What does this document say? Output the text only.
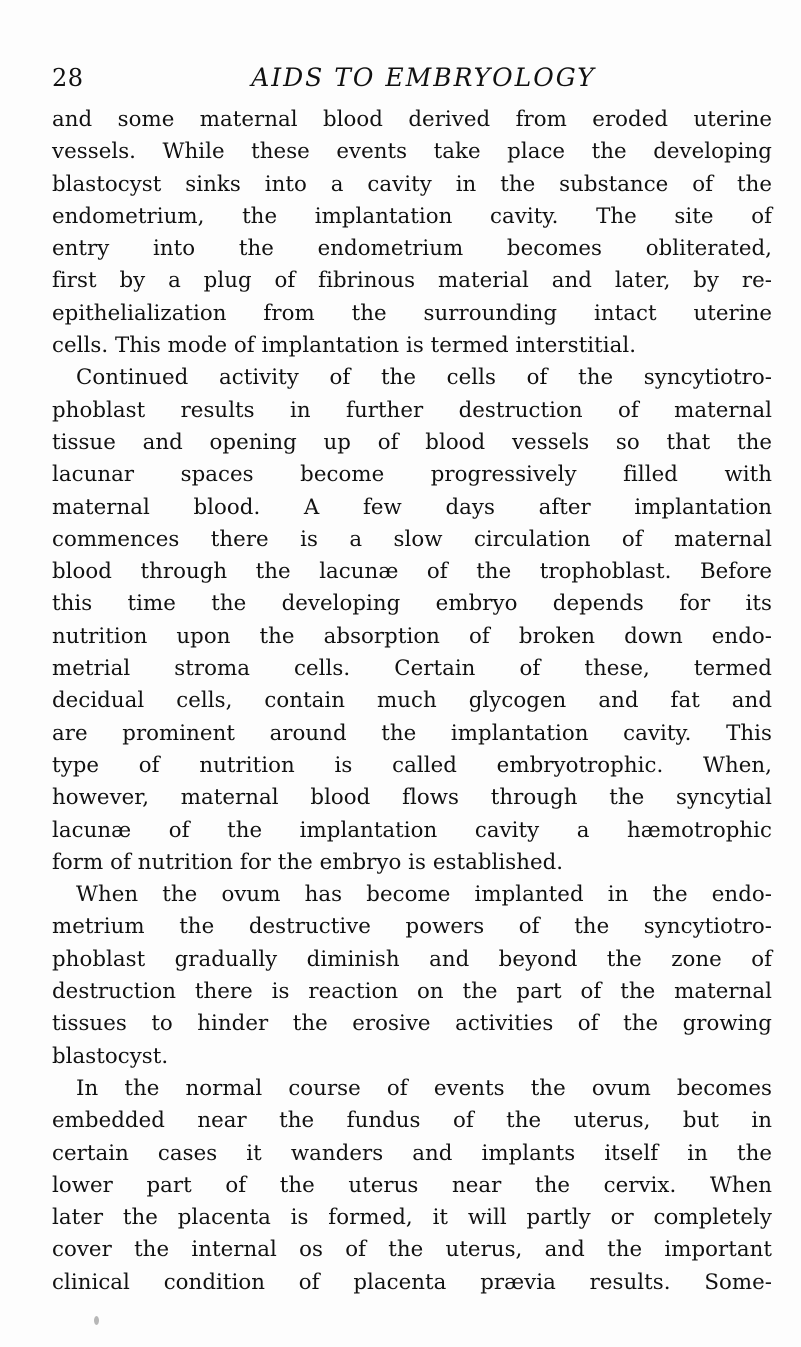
28	AIDS TO EMBRYOLOGY
and some maternal blood derived from eroded uterine
vessels. While these events take place the developing
blastocyst sinks into a cavity in the substance of the
endometrium, the implantation cavity. The site of
entry into the endometrium becomes obliterated,
first by a plug of fibrinous material and later, by re-
epithelialization from the surrounding intact uterine
cells. This mode of implantation is termed interstitial.
Continued activity of the cells of the syncytiotro-
phoblast results in further destruction of maternal
tissue and opening up of blood vessels so that the
lacunar spaces become progressively filled with
maternal blood. A few days after implantation
commences there is a slow circulation of maternal
blood through the lacunæ of the trophoblast. Before
this time the developing embryo depends for its
nutrition upon the absorption of broken down endo-
metrial stroma cells. Certain of these, termed
decidual cells, contain much glycogen and fat and
are prominent around the implantation cavity. This
type of nutrition is called embryotrophic. When,
however, maternal blood flows through the syncytial
lacunæ of the implantation cavity a hæmotrophic
form of nutrition for the embryo is established.
When the ovum has become implanted in the endo-
metrium the destructive powers of the syncytiotro-
phoblast gradually diminish and beyond the zone of
destruction there is reaction on the part of the maternal
tissues to hinder the erosive activities of the growing
blastocyst.
In the normal course of events the ovum becomes
embedded near the fundus of the uterus, but in
certain cases it wanders and implants itself in the
lower part of the uterus near the cervix. When
later the placenta is formed, it will partly or completely
cover the internal os of the uterus, and the important
clinical condition of placenta prævia results. Some-
